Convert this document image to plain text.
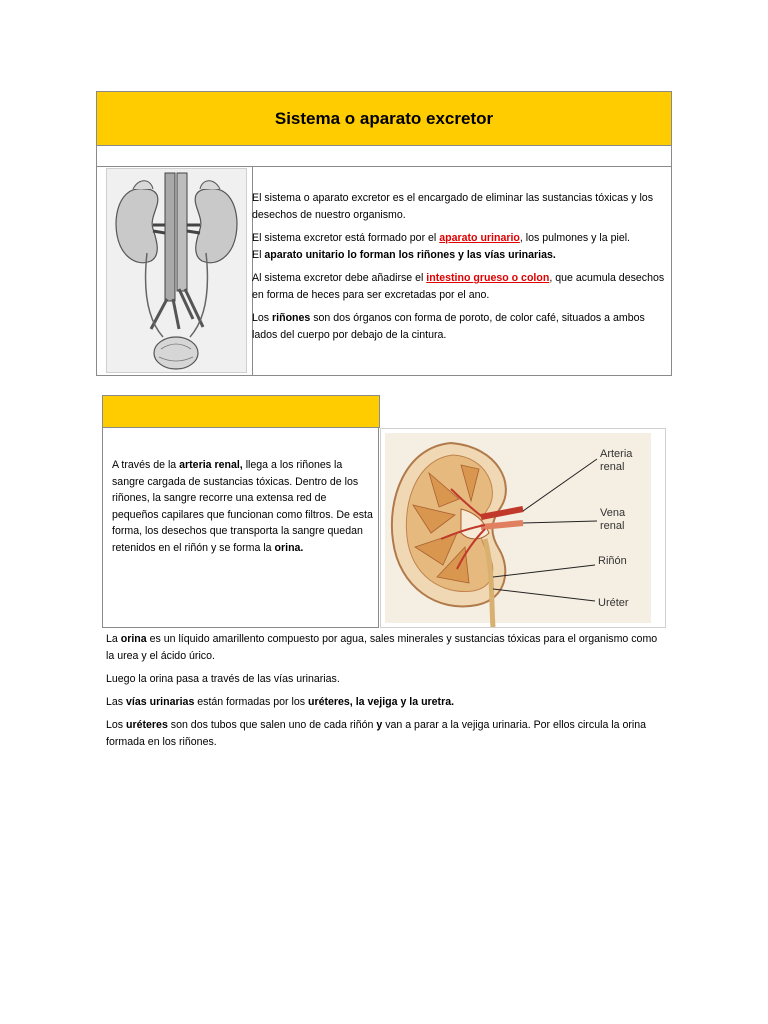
Sistema o aparato excretor

El sistema o aparato excretor es el encargado de eliminar las sustancias tóxicas y los desechos de nuestro organismo.

El sistema excretor está formado por el aparato urinario, los pulmones y la piel.
El aparato unitario lo forman los riñones y las vías urinarias.

Al sistema excretor debe añadirse el intestino grueso o colon, que acumula desechos en forma de heces para ser excretadas por el ano.

Los riñones son dos órganos con forma de poroto, de color café, situados a ambos lados del cuerpo por debajo de la cintura.

A través de la arteria renal, llega a los riñones la sangre cargada de sustancias tóxicas. Dentro de los riñones, la sangre recorre una extensa red de pequeños capilares que funcionan como filtros. De esta forma, los desechos que transporta la sangre quedan retenidos en el riñón y se forma la orina.
Arteria
renal
Vena
renal
Riñón
Uréter

La orina es un líquido amarillento compuesto por agua, sales minerales y sustancias tóxicas para el organismo como la urea y el ácido úrico.

Luego la orina pasa a través de las vías urinarias.

Las vías urinarias están formadas por los uréteres, la vejiga y la uretra.

Los uréteres son dos tubos que salen uno de cada riñón y van a parar a la vejiga urinaria. Por ellos circula la orina formada en los riñones.
